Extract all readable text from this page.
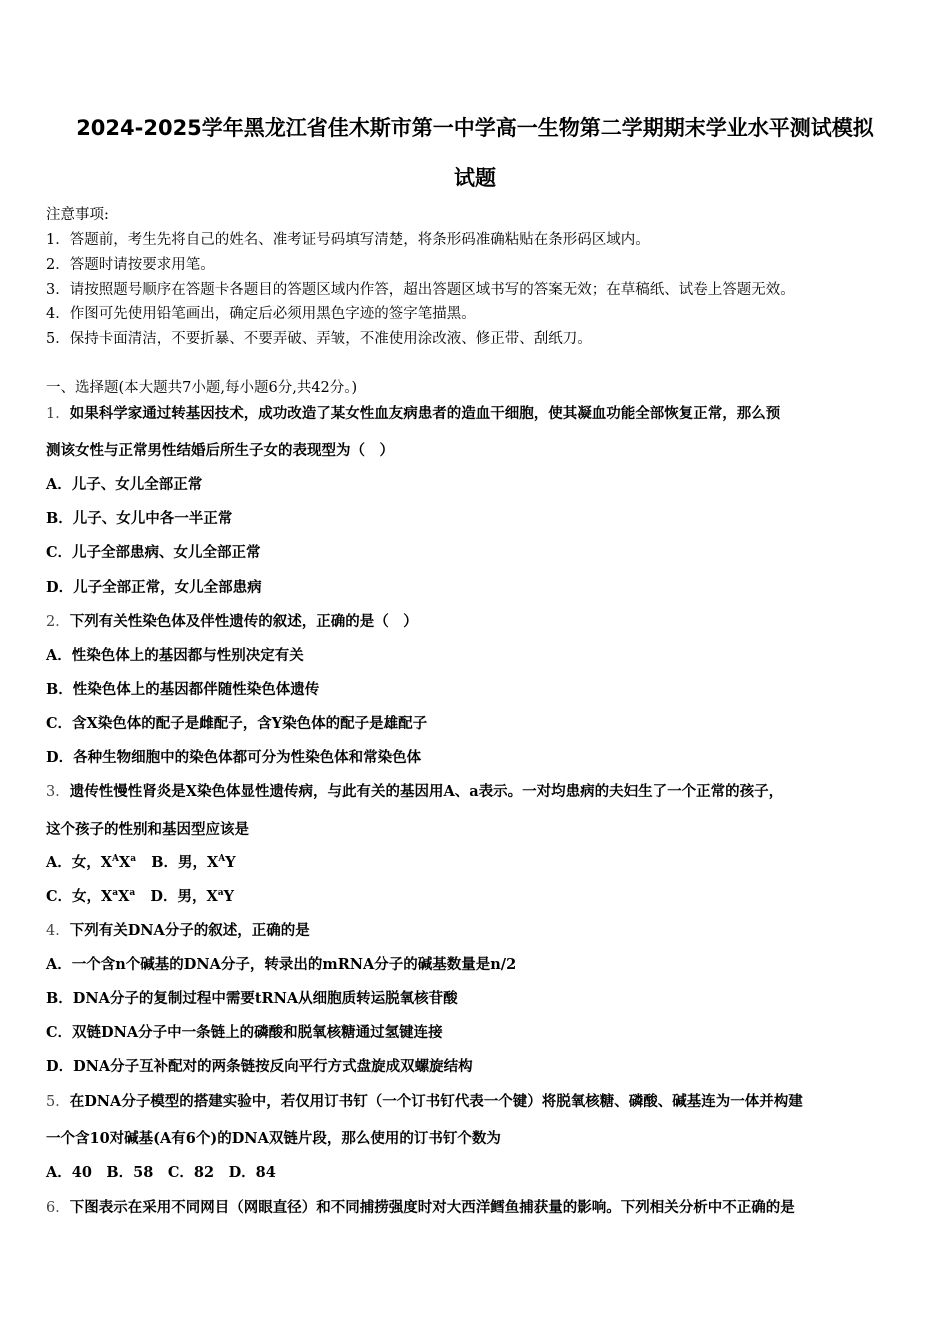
2024-2025学年黑龙江省佳木斯市第一中学高一生物第二学期期末学业水平测试模拟
试题
注意事项:
1．答题前，考生先将自己的姓名、准考证号码填写清楚，将条形码准确粘贴在条形码区域内。
2．答题时请按要求用笔。
3．请按照题号顺序在答题卡各题目的答题区域内作答，超出答题区域书写的答案无效；在草稿纸、试卷上答题无效。
4．作图可先使用铅笔画出，确定后必须用黑色字迹的签字笔描黑。
5．保持卡面清洁，不要折暴、不要弄破、弄皱，不准使用涂改液、修正带、刮纸刀。
一、选择题(本大题共7小题,每小题6分,共42分。)
1．如果科学家通过转基因技术，成功改造了某女性血友病患者的造血干细胞，使其凝血功能全部恢复正常，那么预
测该女性与正常男性结婚后所生子女的表现型为（　）
A．儿子、女儿全部正常
B．儿子、女儿中各一半正常
C．儿子全部患病、女儿全部正常
D．儿子全部正常，女儿全部患病
2．下列有关性染色体及伴性遗传的叙述，正确的是（　）
A．性染色体上的基因都与性别决定有关
B．性染色体上的基因都伴随性染色体遗传
C．含X染色体的配子是雌配子，含Y染色体的配子是雄配子
D．各种生物细胞中的染色体都可分为性染色体和常染色体
3．遗传性慢性肾炎是X染色体显性遗传病，与此有关的基因用A、a表示。一对均患病的夫妇生了一个正常的孩子，
这个孩子的性别和基因型应该是
A．女，$X^AX^a$ B．男，$X^AY$
C．女，$X^aX^a$ D．男，$X^aY$
4．下列有关DNA分子的叙述，正确的是
A．一个含n个碱基的DNA分子，转录出的mRNA分子的碱基数量是n/2
B．DNA分子的复制过程中需要tRNA从细胞质转运脱氧核苷酸
C．双链DNA分子中一条链上的磷酸和脱氧核糖通过氢键连接
D．DNA分子互补配对的两条链按反向平行方式盘旋成双螺旋结构
5．在DNA分子模型的搭建实验中，若仅用订书钉（一个订书钉代表一个键）将脱氧核糖、磷酸、碱基连为一体并构建
一个含10对碱基(A有6个)的DNA双链片段，那么使用的订书钉个数为
A．40　B．58　C．82　D．84
6．下图表示在采用不同网目（网眼直径）和不同捕捞强度时对大西洋鳕鱼捕获量的影响。下列相关分析中不正确的是
